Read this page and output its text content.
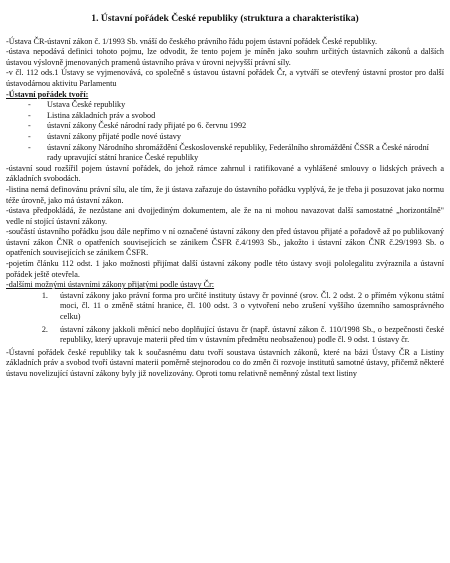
1. Ústavní pořádek České republiky (struktura a charakteristika)

-Ústava ČR-ústavní zákon č. 1/1993 Sb. vnáší do českého právního řádu pojem ústavní pořádek České republiky.

-ústava nepodává definici tohoto pojmu, lze odvodit, že tento pojem je míněn jako souhrn určitých ústavních zákonů a dalších ústavou výslovně jmenovaných pramenů ústavního práva v úrovni nejvyšší právní síly.

-v čl. 112 ods.1 Ústavy se vyjmenovává, co společně s ústavou ústavní pořádek Čr, a vytváří se otevřený ústavní prostor pro další ústavodárnou aktivitu Parlamentu

-Ústavní pořádek tvoří:

- Ustava České republiky
- Listina základních práv a svobod
- ústavní zákony České národní rady přijaté po 6. červnu 1992
- ústavní zákony přijaté podle nové ústavy
- ústavní zákony Národního shromáždění Československé republiky, Federálního shromáždění ČSSR a České národní rady upravující státní hranice České republiky

-ústavní soud rozšířil pojem ústavní pořádek, do jehož rámce zahrnul i ratifikované a vyhlášené smlouvy o lidských právech a základních svobodách.

-listina nemá definovánu právní sílu, ale tím, že ji ústava zařazuje do ústavního pořádku vyplývá, že je třeba ji posuzovat jako normu téže úrovně, jako má ústavní zákon.

-ústava předpokládá, že nezůstane ani dvojjediným dokumentem, ale že na ni mohou navazovat další samostatné „horizontálně" vedle ní stojící ústavní zákony.

-součástí ústavního pořádku jsou dále nepřímo v ní označené ústavní zákony den před ústavou přijaté a pořadově až po publikovaný ústavní zákon ČNR o opatřeních souvisejících se zánikem ČSFR č.4/1993 Sb., jakožto i ústavní zákon ČNR č.29/1993 Sb. o opatřeních souvisejících se zánikem ČSFR.

-pojetím článku 112 odst. 1 jako možnosti přijímat další ústavní zákony podle této ústavy svoji pololegalitu zvýraznila a ústavní pořádek ještě otevřela.

-dalšími možnými ústavními zákony přijatými podle ústavy Čr:

1. ústavní zákony jako právní forma pro určité instituty ústavy čr povinné (srov. Čl. 2 odst. 2 o přímém výkonu státní moci, čl. 11 o změně státní hranice, čl. 100 odst. 3 o vytvoření nebo zrušení vyššího územního samosprávného celku)
2. ústavní zákony jakkoli měnící nebo doplňující ústavu čr (např. ústavní zákon č. 110/1998 Sb., o bezpečnosti české republiky, který upravuje materii před tím v ústavním předmětu neobsaženou) podle čl. 9 odst. 1 ústavy čr.

-Ústavní pořádek české republiky tak k současnému datu tvoří soustava ústavních zákonů, které na bázi Ústavy ČR a Listiny základních práv a svobod tvoří ústavní materii poměrně stejnorodou co do změn či rozvoje institutů samotné ústavy, přičemž některé ústavu novelizující ústavní zákony byly již novelizovány. Oproti tomu relativně neměnný zůstal text listiny
